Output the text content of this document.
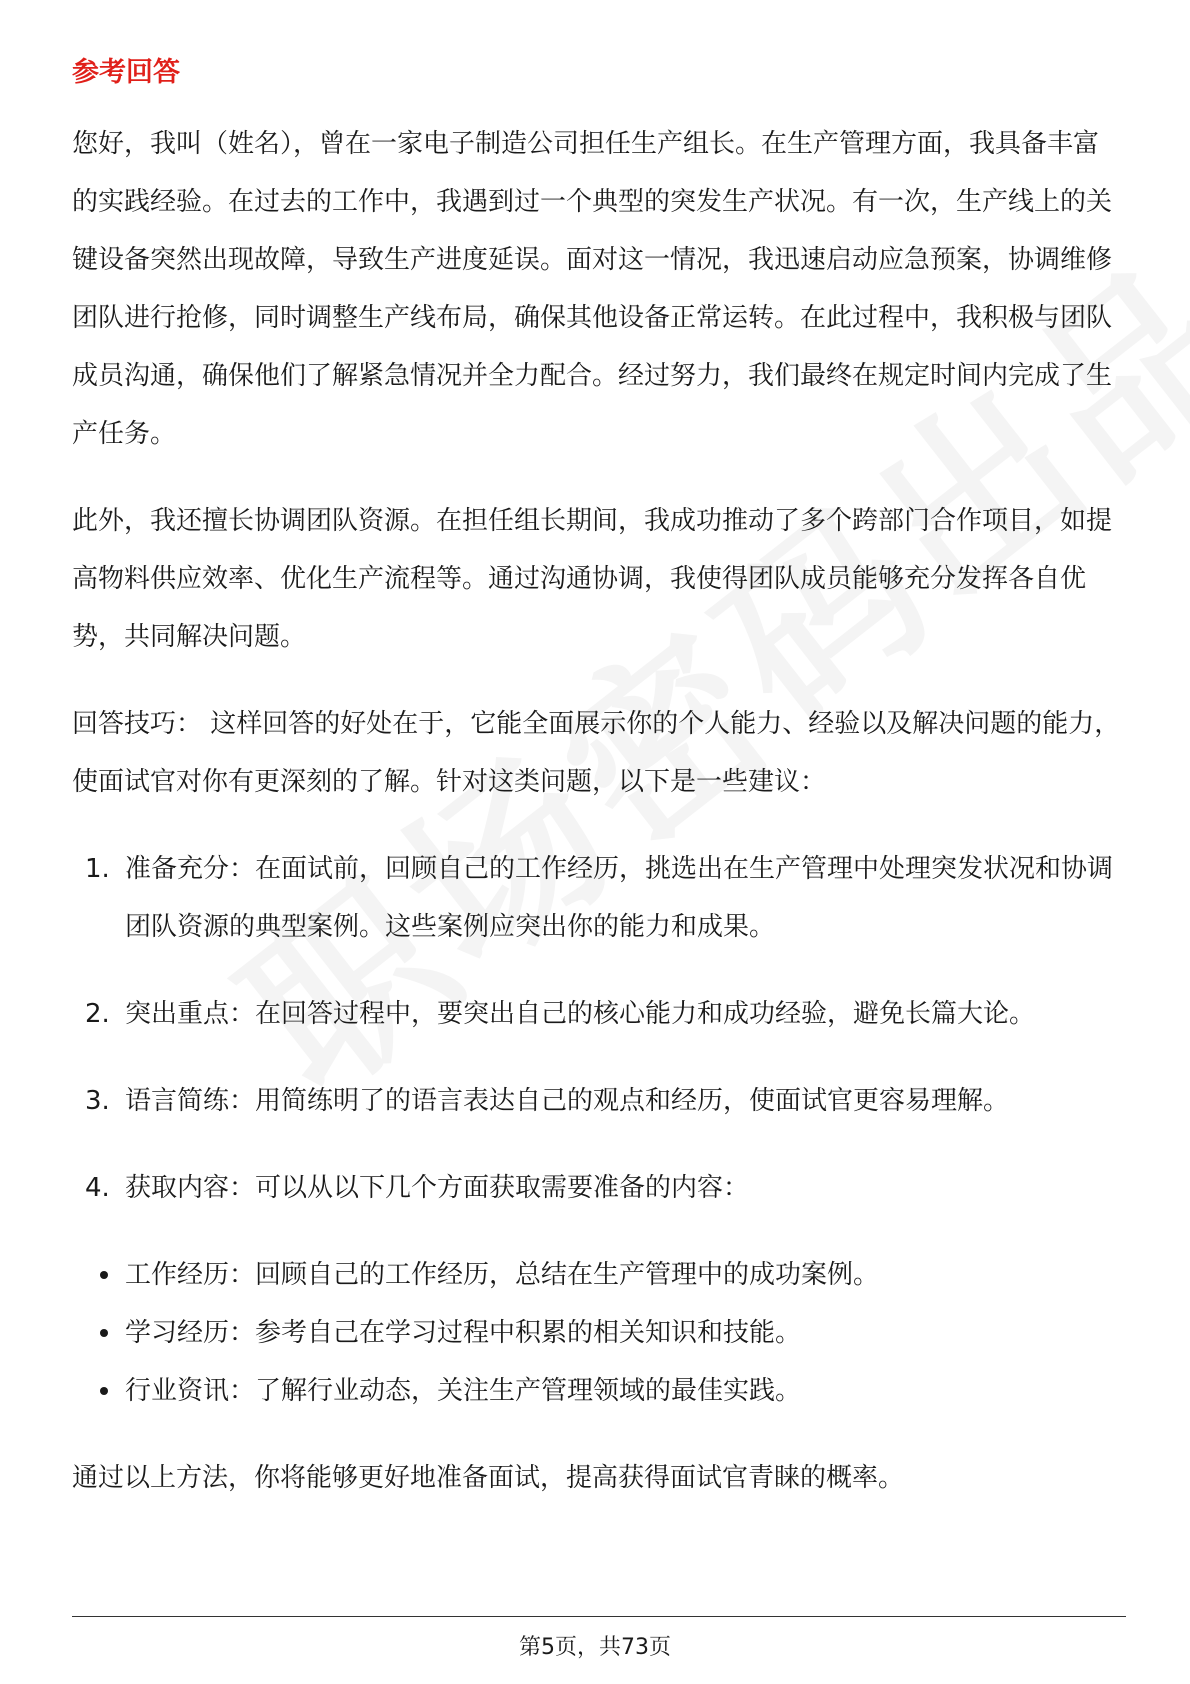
参考回答

您好，我叫（姓名），曾在一家电子制造公司担任生产组长。在生产管理方面，我具备丰富的实践经验。在过去的工作中，我遇到过一个典型的突发生产状况。有一次，生产线上的关键设备突然出现故障，导致生产进度延误。面对这一情况，我迅速启动应急预案，协调维修团队进行抢修，同时调整生产线布局，确保其他设备正常运转。在此过程中，我积极与团队成员沟通，确保他们了解紧急情况并全力配合。经过努力，我们最终在规定时间内完成了生产任务。

此外，我还擅长协调团队资源。在担任组长期间，我成功推动了多个跨部门合作项目，如提高物料供应效率、优化生产流程等。通过沟通协调，我使得团队成员能够充分发挥各自优势，共同解决问题。

回答技巧： 这样回答的好处在于，它能全面展示你的个人能力、经验以及解决问题的能力，使面试官对你有更深刻的了解。针对这类问题，以下是一些建议：

1. 准备充分：在面试前，回顾自己的工作经历，挑选出在生产管理中处理突发状况和协调团队资源的典型案例。这些案例应突出你的能力和成果。
2. 突出重点：在回答过程中，要突出自己的核心能力和成功经验，避免长篇大论。
3. 语言简练：用简练明了的语言表达自己的观点和经历，使面试官更容易理解。
4. 获取内容：可以从以下几个方面获取需要准备的内容：
工作经历：回顾自己的工作经历，总结在生产管理中的成功案例。
学习经历：参考自己在学习过程中积累的相关知识和技能。
行业资讯：了解行业动态，关注生产管理领域的最佳实践。

通过以上方法，你将能够更好地准备面试，提高获得面试官青睐的概率。

第5页，共73页
